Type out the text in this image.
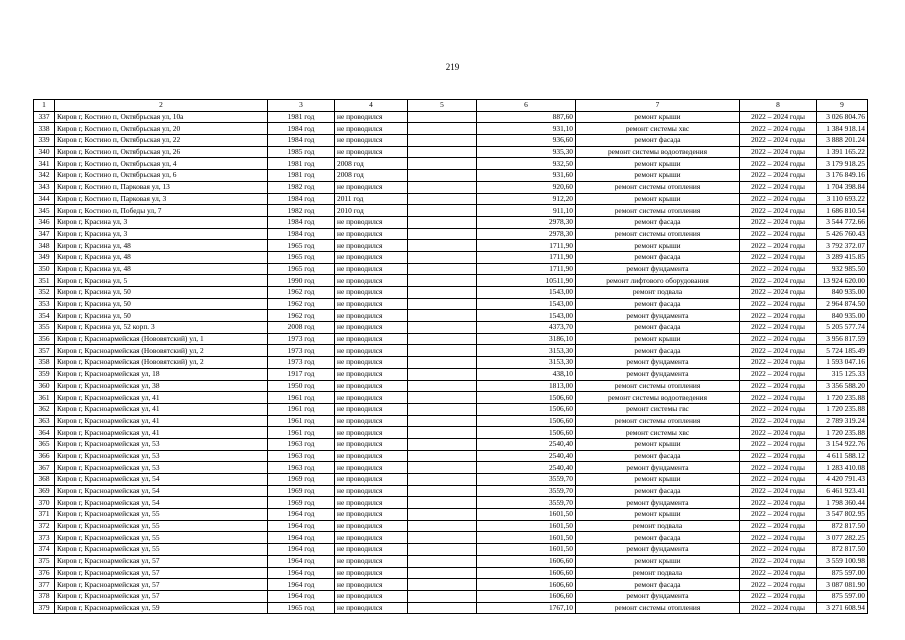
219
1	2	3	4	5	6	7	8	9
337	Киров г, Костино п, Октябрьская ул, 10а	1981 год	не проводился		887,60	ремонт крыши	2022 – 2024 годы	3 026 804.76
338	Киров г, Костино п, Октябрьская ул, 20	1984 год	не проводился		931,10	ремонт системы хвс	2022 – 2024 годы	1 384 918.14
339	Киров г, Костино п, Октябрьская ул, 22	1984 год	не проводился		936,60	ремонт фасада	2022 – 2024 годы	3 888 201.24
340	Киров г, Костино п, Октябрьская ул, 26	1985 год	не проводился		935,30	ремонт системы водоотведения	2022 – 2024 годы	1 391 165.22
341	Киров г, Костино п, Октябрьская ул, 4	1981 год	2008 год		932,50	ремонт крыши	2022 – 2024 годы	3 179 918.25
342	Киров г, Костино п, Октябрьская ул, 6	1981 год	2008 год		931,60	ремонт крыши	2022 – 2024 годы	3 176 849.16
343	Киров г, Костино п, Парковая ул, 13	1982 год	не проводился		920,60	ремонт системы отопления	2022 – 2024 годы	1 704 398.84
344	Киров г, Костино п, Парковая ул, 3	1984 год	2011 год		912,20	ремонт крыши	2022 – 2024 годы	3 110 693.22
345	Киров г, Костино п, Победы ул, 7	1982 год	2010 год		911,10	ремонт системы отопления	2022 – 2024 годы	1 686 810.54
346	Киров г, Красина ул, 3	1984 год	не проводился		2978,30	ремонт фасада	2022 – 2024 годы	3 544 772.66
347	Киров г, Красина ул, 3	1984 год	не проводился		2978,30	ремонт системы отопления	2022 – 2024 годы	5 426 760.43
348	Киров г, Красина ул, 48	1965 год	не проводился		1711,90	ремонт крыши	2022 – 2024 годы	3 792 372.07
349	Киров г, Красина ул, 48	1965 год	не проводился		1711,90	ремонт фасада	2022 – 2024 годы	3 289 415.85
350	Киров г, Красина ул, 48	1965 год	не проводился		1711,90	ремонт фундамента	2022 – 2024 годы	932 985.50
351	Киров г, Красина ул, 5	1990 год	не проводился		10511,90	ремонт лифтового оборудования	2022 – 2024 годы	13 924 620.00
352	Киров г, Красина ул, 50	1962 год	не проводился		1543,00	ремонт подвала	2022 – 2024 годы	840 935.00
353	Киров г, Красина ул, 50	1962 год	не проводился		1543,00	ремонт фасада	2022 – 2024 годы	2 964 874.50
354	Киров г, Красина ул, 50	1962 год	не проводился		1543,00	ремонт фундамента	2022 – 2024 годы	840 935.00
355	Киров г, Красина ул, 52 корп. 3	2008 год	не проводился		4373,70	ремонт фасада	2022 – 2024 годы	5 205 577.74
356	Киров г, Красноармейская (Нововятский) ул, 1	1973 год	не проводился		3186,10	ремонт крыши	2022 – 2024 годы	3 956 817.59
357	Киров г, Красноармейская (Нововятский) ул, 2	1973 год	не проводился		3153,30	ремонт фасада	2022 – 2024 годы	5 724 185.49
358	Киров г, Красноармейская (Нововятский) ул, 2	1973 год	не проводился		3153,30	ремонт фундамента	2022 – 2024 годы	1 593 047.16
359	Киров г, Красноармейская ул, 18	1917 год	не проводился		438,10	ремонт фундамента	2022 – 2024 годы	315 125.33
360	Киров г, Красноармейская ул, 38	1950 год	не проводился		1813,00	ремонт системы отопления	2022 – 2024 годы	3 356 588.20
361	Киров г, Красноармейская ул, 41	1961 год	не проводился		1506,60	ремонт системы водоотведения	2022 – 2024 годы	1 720 235.88
362	Киров г, Красноармейская ул, 41	1961 год	не проводился		1506,60	ремонт системы гвс	2022 – 2024 годы	1 720 235.88
363	Киров г, Красноармейская ул, 41	1961 год	не проводился		1506,60	ремонт системы отопления	2022 – 2024 годы	2 789 319.24
364	Киров г, Красноармейская ул, 41	1961 год	не проводился		1506,60	ремонт системы хвс	2022 – 2024 годы	1 720 235.88
365	Киров г, Красноармейская ул, 53	1963 год	не проводился		2540,40	ремонт крыши	2022 – 2024 годы	3 154 922.76
366	Киров г, Красноармейская ул, 53	1963 год	не проводился		2540,40	ремонт фасада	2022 – 2024 годы	4 611 588.12
367	Киров г, Красноармейская ул, 53	1963 год	не проводился		2540,40	ремонт фундамента	2022 – 2024 годы	1 283 410.08
368	Киров г, Красноармейская ул, 54	1969 год	не проводился		3559,70	ремонт крыши	2022 – 2024 годы	4 420 791.43
369	Киров г, Красноармейская ул, 54	1969 год	не проводился		3559,70	ремонт фасада	2022 – 2024 годы	6 461 923.41
370	Киров г, Красноармейская ул, 54	1969 год	не проводился		3559,70	ремонт фундамента	2022 – 2024 годы	1 798 360.44
371	Киров г, Красноармейская ул, 55	1964 год	не проводился		1601,50	ремонт крыши	2022 – 2024 годы	3 547 802.95
372	Киров г, Красноармейская ул, 55	1964 год	не проводился		1601,50	ремонт подвала	2022 – 2024 годы	872 817.50
373	Киров г, Красноармейская ул, 55	1964 год	не проводился		1601,50	ремонт фасада	2022 – 2024 годы	3 077 282.25
374	Киров г, Красноармейская ул, 55	1964 год	не проводился		1601,50	ремонт фундамента	2022 – 2024 годы	872 817.50
375	Киров г, Красноармейская ул, 57	1964 год	не проводился		1606,60	ремонт крыши	2022 – 2024 годы	3 559 100.98
376	Киров г, Красноармейская ул, 57	1964 год	не проводился		1606,60	ремонт подвала	2022 – 2024 годы	875 597.00
377	Киров г, Красноармейская ул, 57	1964 год	не проводился		1606,60	ремонт фасада	2022 – 2024 годы	3 087 081.90
378	Киров г, Красноармейская ул, 57	1964 год	не проводился		1606,60	ремонт фундамента	2022 – 2024 годы	875 597.00
379	Киров г, Красноармейская ул, 59	1965 год	не проводился		1767,10	ремонт системы отопления	2022 – 2024 годы	3 271 608.94
